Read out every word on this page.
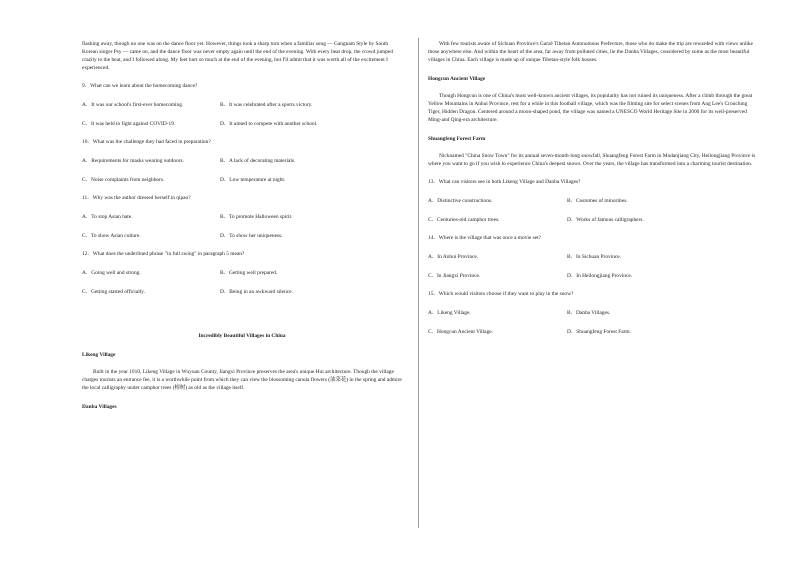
flashing away, though no one was on the dance floor yet. However, things took a sharp turn when a familiar song — Gangnam Style by South Korean singer Psy — came on, and the dance floor was never empty again until the end of the evening. With every beat drop, the crowd jumped crazily to the beat, and I followed along. My feet hurt so much at the end of the evening, but I'll admit that it was worth all of the excitement I experienced.

9．What can we learn about the homecoming dance?
A．It was our school's first-ever homecoming.	B．It was celebrated after a sports victory.
C．It was held to fight against COVID-19.	D．It aimed to compete with another school.
10．What was the challenge they had faced in preparation?
A．Requirements for masks wearing outdoors.	B．A lack of decorating materials.
C．Noise complaints from neighbors.	D．Low temperature at night.
11．Why was the author dressed herself in qipao?
A．To stop Asian hate.	B．To promote Halloween spirit.
C．To show Asian culture.	D．To show her uniqueness.
12．What does the underlined phrase "in full swing" in paragraph 5 mean?
A．Going well and strong.	B．Getting well prepared.
C．Getting started officially.	D．Being in an awkward silence.
Incredibly Beautiful Villages in China
Likeng Village

Built in the year 1010, Likeng Village in Wuyuan County, Jiangxi Province preserves the area's unique Hui architecture. Though the village charges tourists an entrance fee, it is a worthwhile point from which they can view the blossoming canola flowers (油菜花) in the spring and admire the local calligraphy under camphor trees (樟树) as old as the village itself.

Danba Villages

With few tourists aware of Sichuan Province's Garzê Tibetan Autonomous Prefecture, those who do make the trip are rewarded with views unlike those anywhere else. And within the heart of the area, far away from polluted cities, lie the Danba Villages, considered by some as the most beautiful villages in China. Each village is made up of unique Tibetan-style folk houses.

Hongcun Ancient Village

Though Hongcun is one of China's most well-known ancient villages, its popularity has not ruined its uniqueness. After a climb through the great Yellow Mountains in Anhui Province, rest for a while in this football village, which was the filming site for select scenes from Ang Lee's Crouching Tiger, Hidden Dragon. Centered around a moon-shaped pond, the village was named a UNESCO World Heritage Site in 2000 for its well-preserved Ming-and Qing-era architecture.

Shuangfeng Forest Farm

Nicknamed "China Snow Town" for its annual seven-month-long snowfall, Shuangfeng Forest Farm in Mudanjiang City, Heilongjiang Province is where you want to go if you wish to experience China's deepest snows. Over the years, the village has transformed into a charming tourist destination.

13．What can visitors see in both Likeng Village and Danba Villages?
A．Distinctive constructions.	B．Costumes of minorities.
C．Centuries-old camphor trees.	D．Works of famous calligraphers.
14．Where is the village that was once a movie set?
A．In Anhui Province.	B．In Sichuan Province.
C．In Jiangxi Province.	D．In Heilongjiang Province.
15．Which would visitors choose if they want to play in the snow?
A．Likeng Village.	B．Danba Villages.
C．Hongcun Ancient Village.	D．Shuangfeng Forest Farm.
